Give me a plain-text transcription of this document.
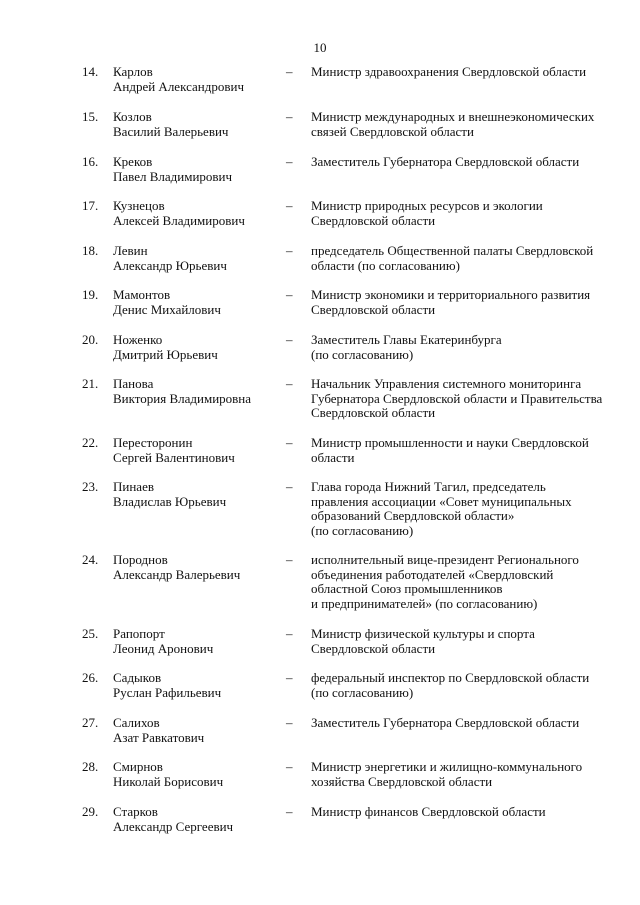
10
14.	Карлов
Андрей Александрович
–	Министр здравоохранения Свердловской области
15.	Козлов
Василий Валерьевич
–	Министр международных и внешнеэкономических
связей Свердловской области
16.	Креков
Павел Владимирович
–	Заместитель Губернатора Свердловской области
17.	Кузнецов
Алексей Владимирович
–	Министр природных ресурсов и экологии
Свердловской области
18.	Левин
Александр Юрьевич
–	председатель Общественной палаты Свердловской
области (по согласованию)
19.	Мамонтов
Денис Михайлович
–	Министр экономики и территориального развития
Свердловской области
20.	Ноженко
Дмитрий Юрьевич
–	Заместитель Главы Екатеринбурга
(по согласованию)
21.	Панова
Виктория Владимировна
–	Начальник Управления системного мониторинга
Губернатора Свердловской области и Правительства
Свердловской области
22.	Пересторонин
Сергей Валентинович
–	Министр промышленности и науки Свердловской
области
23.	Пинаев
Владислав Юрьевич
–	Глава города Нижний Тагил, председатель
правления ассоциации «Совет муниципальных
образований Свердловской области»
(по согласованию)
24.	Породнов
Александр Валерьевич
–	исполнительный вице-президент Регионального
объединения работодателей «Свердловский
областной Союз промышленников
и предпринимателей» (по согласованию)
25.	Рапопорт
Леонид Аронович
–	Министр физической культуры и спорта
Свердловской области
26.	Садыков
Руслан Рафильевич
–	федеральный инспектор по Свердловской области
(по согласованию)
27.	Салихов
Азат Равкатович
–	Заместитель Губернатора Свердловской области
28.	Смирнов
Николай Борисович
–	Министр энергетики и жилищно-коммунального
хозяйства Свердловской области
29.	Старков
Александр Сергеевич
–	Министр финансов Свердловской области
